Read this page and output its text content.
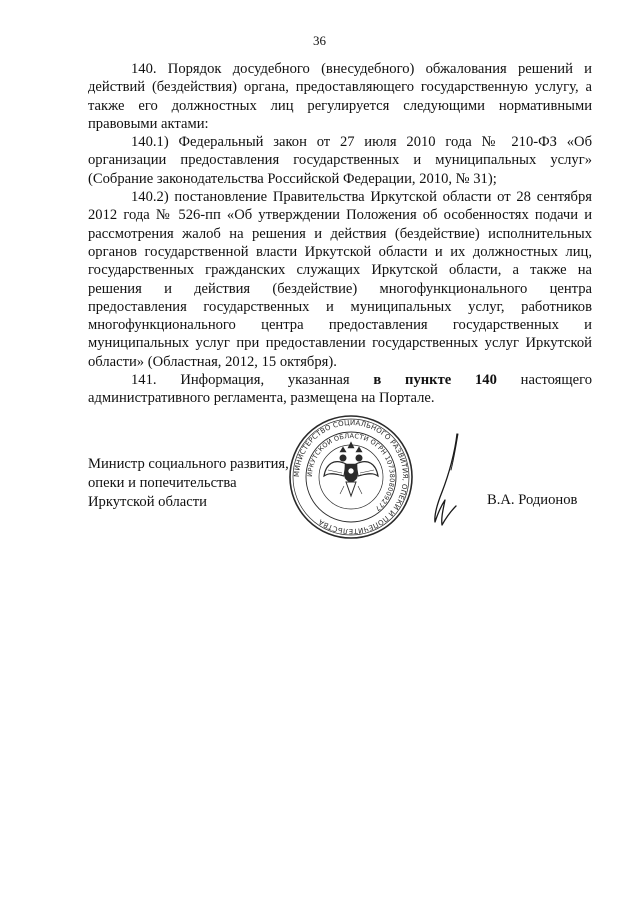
36

140. Порядок досудебного (внесудебного) обжалования решений и действий (бездействия) органа, предоставляющего государственную услугу, а также его должностных лиц регулируется следующими нормативными правовыми актами:

140.1) Федеральный закон от 27 июля 2010 года № 210-ФЗ «Об организации предоставления государственных и муниципальных услуг» (Собрание законодательства Российской Федерации, 2010, № 31);

140.2) постановление Правительства Иркутской области от 28 сентября 2012 года № 526-пп «Об утверждении Положения об особенностях подачи и рассмотрения жалоб на решения и действия (бездействие) исполнительных органов государственной власти Иркутской области и их должностных лиц, государственных гражданских служащих Иркутской области, а также на решения и действия (бездействие) многофункционального центра предоставления государственных и муниципальных услуг, работников многофункционального центра предоставления государственных и муниципальных услуг при предоставлении государственных услуг Иркутской области» (Областная, 2012, 15 октября).

141. Информация, указанная в пункте 140 настоящего административного регламента, размещена на Портале.

Министр социального развития,
опеки и попечительства
Иркутской области	В.А. Родионов
МИНИСТЕРСТВО СОЦИАЛЬНОГО РАЗВИТИЯ, ОПЕКИ И ПОПЕЧИТЕЛЬСТВА
ИРКУТСКОЙ ОБЛАСТИ ОГРН 1073808009277
